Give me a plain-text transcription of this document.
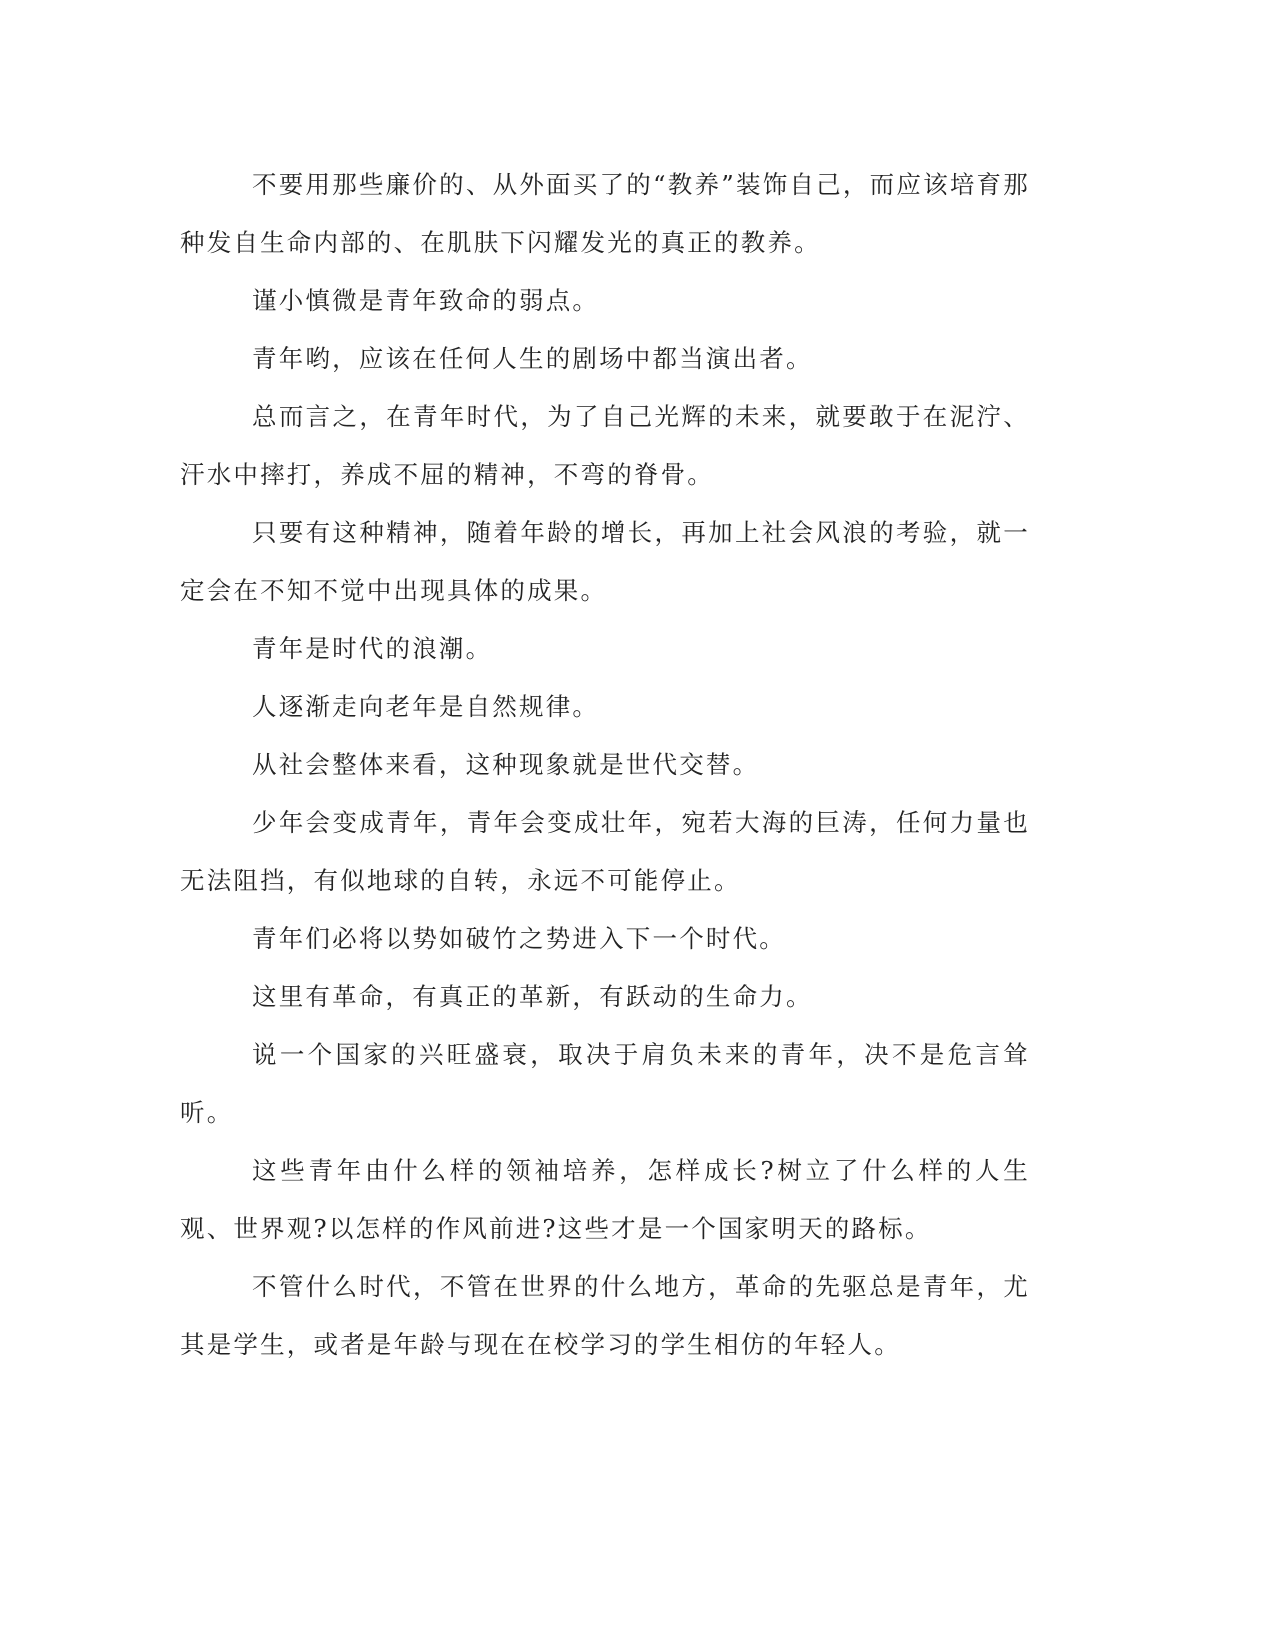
不要用那些廉价的、从外面买了的“教养”装饰自己，而应该培育那种发自生命内部的、在肌肤下闪耀发光的真正的教养。

谨小慎微是青年致命的弱点。

青年哟，应该在任何人生的剧场中都当演出者。

总而言之，在青年时代，为了自己光辉的未来，就要敢于在泥泞、汗水中摔打，养成不屈的精神，不弯的脊骨。

只要有这种精神，随着年龄的增长，再加上社会风浪的考验，就一定会在不知不觉中出现具体的成果。

青年是时代的浪潮。

人逐渐走向老年是自然规律。

从社会整体来看，这种现象就是世代交替。

少年会变成青年，青年会变成壮年，宛若大海的巨涛，任何力量也无法阻挡，有似地球的自转，永远不可能停止。

青年们必将以势如破竹之势进入下一个时代。

这里有革命，有真正的革新，有跃动的生命力。

说一个国家的兴旺盛衰，取决于肩负未来的青年，决不是危言耸听。

这些青年由什么样的领袖培养，怎样成长?树立了什么样的人生观、世界观?以怎样的作风前进?这些才是一个国家明天的路标。

不管什么时代，不管在世界的什么地方，革命的先驱总是青年，尤其是学生，或者是年龄与现在在校学习的学生相仿的年轻人。
